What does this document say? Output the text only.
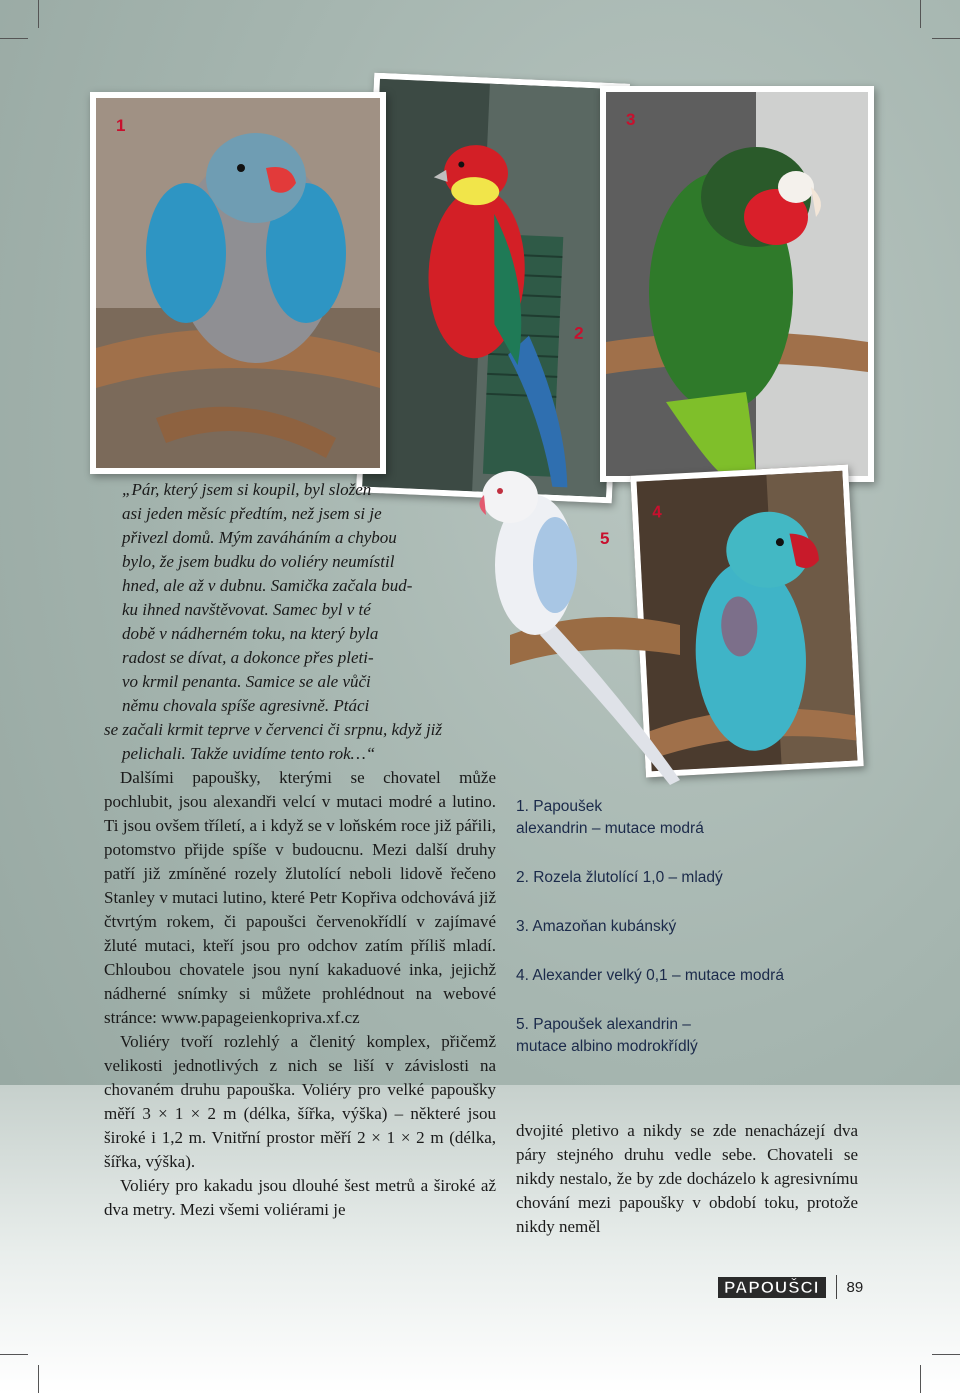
2
1	3
4
5

„Pár, který jsem si koupil, byl složen
asi jeden měsíc předtím, než jsem si je
přivezl domů. Mým zaváháním a chybou
bylo, že jsem budku do voliéry neumístil
hned, ale až v dubnu. Samička začala bud-
ku ihned navštěvovat. Samec byl v té
době v nádherném toku, na který byla
radost se dívat, a dokonce přes pleti-
vo krmil penanta. Samice se ale vůči
němu chovala spíše agresivně. Ptáci
se začali krmit teprve v červenci či srpnu, když již
pelichali. Takže uvidíme tento rok…“

Dalšími papoušky, kterými se chovatel může pochlubit, jsou alexandři velcí v mutaci modré a lutino. Ti jsou ovšem tříletí, a i když se v loňském roce již pářili, potomstvo přijde spíše v budoucnu. Mezi další druhy patří již zmíněné rozely žlutolící neboli lidově řečeno Stanley v mutaci lutino, které Petr Kopřiva odchovává již čtvrtým rokem, či papoušci červenokřídlí v zajímavé žluté mutaci, kteří jsou pro odchov zatím příliš mladí. Chloubou chovatele jsou nyní kakaduové inka, jejichž nádherné snímky si můžete prohlédnout na webové stránce: www.papageienkopriva.xf.cz

Voliéry tvoří rozlehlý a členitý komplex, přičemž velikosti jednotlivých z nich se liší v závislosti na chovaném druhu papouška. Voliéry pro velké papoušky měří 3 × 1 × 2 m (délka, šířka, výška) – některé jsou široké i 1,2 m. Vnitřní prostor měří 2 × 1 × 2 m (délka, šířka, výška).

Voliéry pro kakadu jsou dlouhé šest metrů a široké až dva metry. Mezi všemi voliérami je

1. Papoušek
alexandrin – mutace modrá

2. Rozela žlutolící 1,0 – mladý

3. Amazoňan kubánský

4. Alexander velký 0,1 – mutace modrá

5. Papoušek alexandrin –
mutace albino modrokřídlý

dvojité pletivo a nikdy se zde nenacházejí dva páry stejného druhu vedle sebe. Chovateli se nikdy nestalo, že by zde docházelo k agresivnímu chování mezi papoušky v období toku, protože nikdy neměl

PAPOUŠCI	89
